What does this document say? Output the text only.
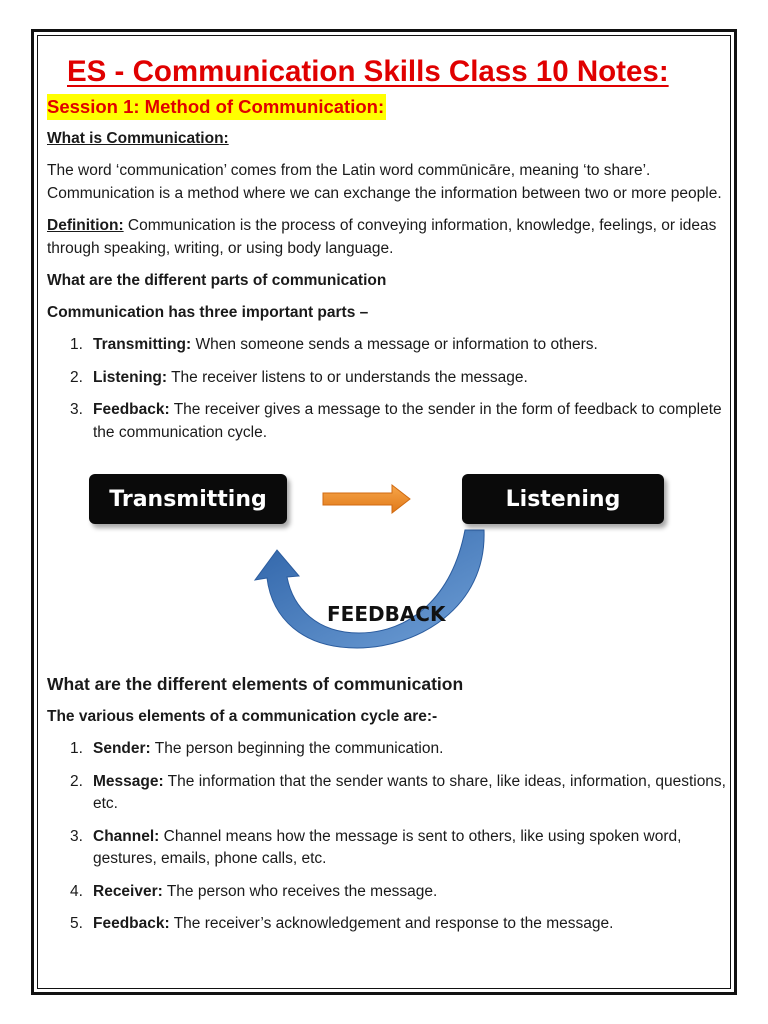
ES - Communication Skills Class 10 Notes:
Session 1: Method of Communication:

What is Communication:

The word ‘communication’ comes from the Latin word commūnicāre, meaning ‘to share’. Communication is a method where we can exchange the information between two or more people.

Definition: Communication is the process of conveying information, knowledge, feelings, or ideas through speaking, writing, or using body language.

What are the different parts of communication

Communication has three important parts –

1. Transmitting: When someone sends a message or information to others.
2. Listening: The receiver listens to or understands the message.
3. Feedback: The receiver gives a message to the sender in the form of feedback to complete the communication cycle.
Transmitting	Listening
FEEDBACK

What are the different elements of communication

The various elements of a communication cycle are:-

1. Sender: The person beginning the communication.
2. Message: The information that the sender wants to share, like ideas, information, questions, etc.
3. Channel: Channel means how the message is sent to others, like using spoken word, gestures, emails, phone calls, etc.
4. Receiver: The person who receives the message.
5. Feedback: The receiver’s acknowledgement and response to the message.
